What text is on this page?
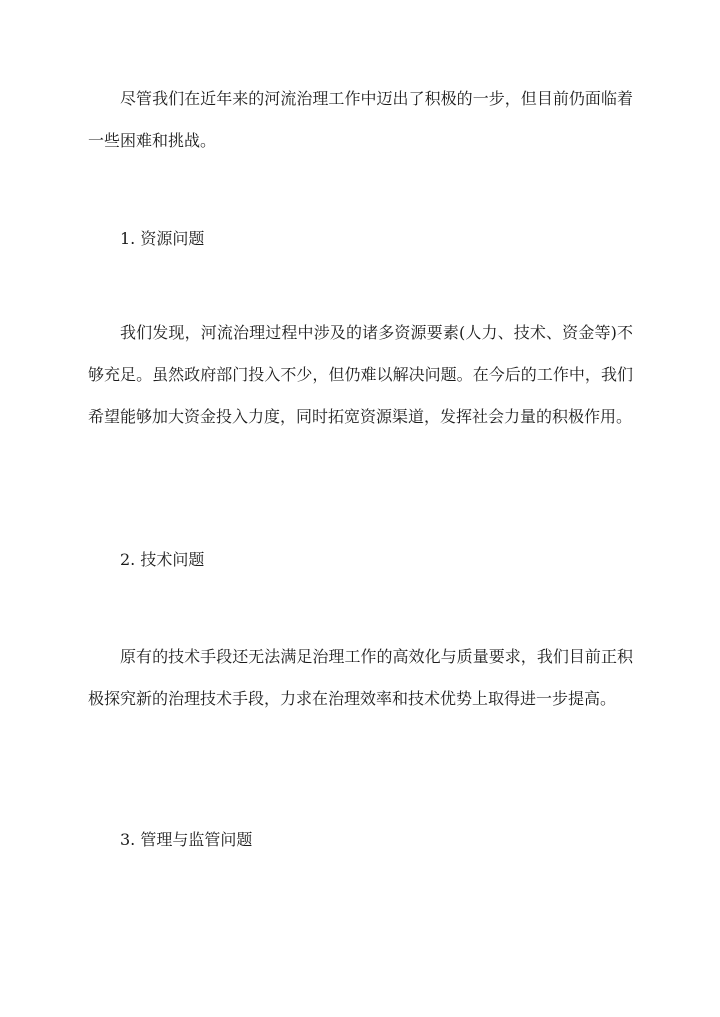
尽管我们在近年来的河流治理工作中迈出了积极的一步，但目前仍面临着一些困难和挑战。

1. 资源问题

我们发现，河流治理过程中涉及的诸多资源要素(人力、技术、资金等)不够充足。虽然政府部门投入不少，但仍难以解决问题。在今后的工作中，我们希望能够加大资金投入力度，同时拓宽资源渠道，发挥社会力量的积极作用。

2. 技术问题

原有的技术手段还无法满足治理工作的高效化与质量要求，我们目前正积极探究新的治理技术手段，力求在治理效率和技术优势上取得进一步提高。

3. 管理与监管问题
